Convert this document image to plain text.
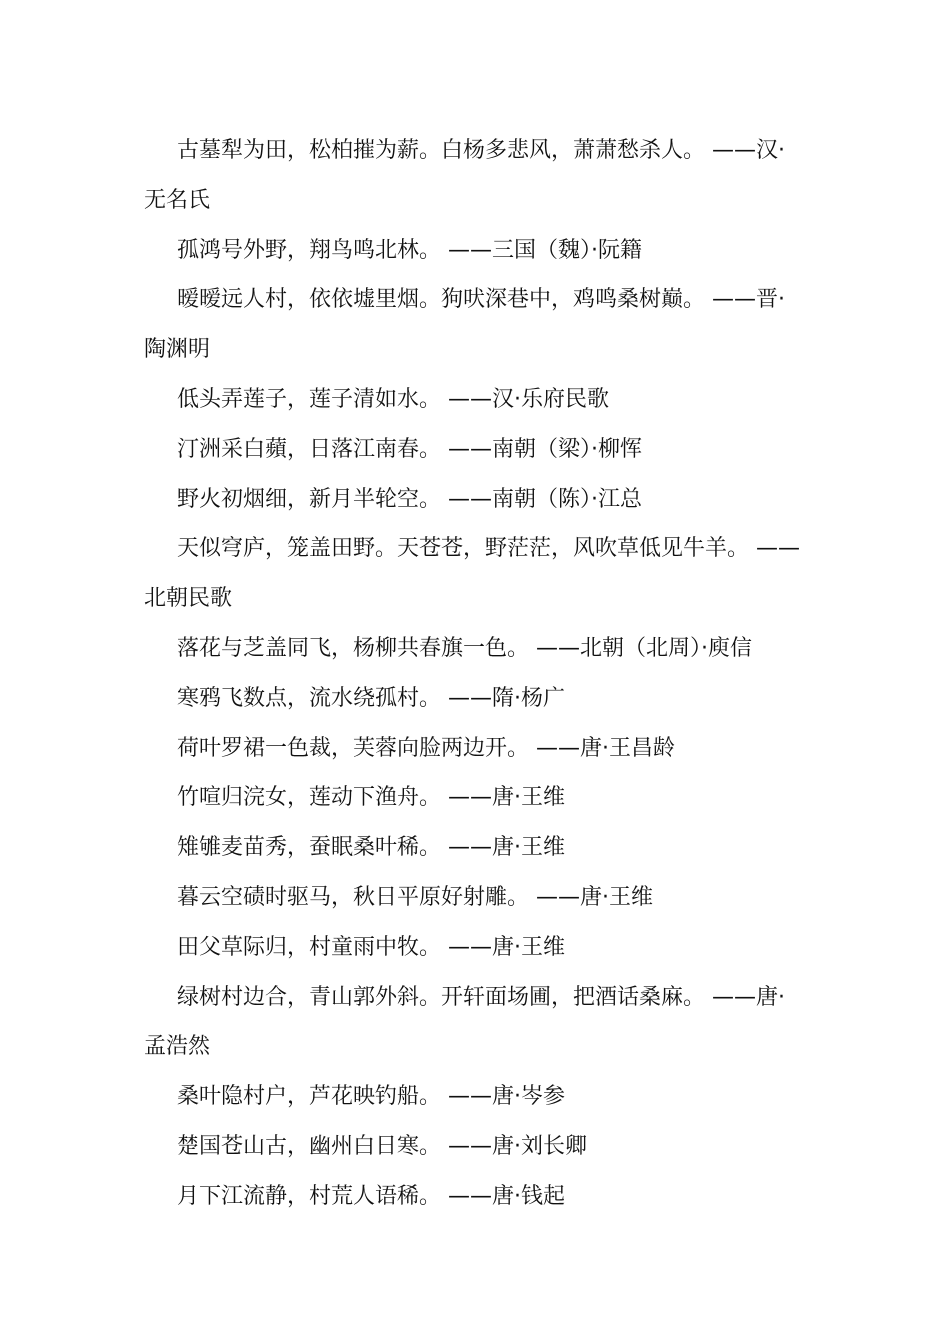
古墓犁为田，松柏摧为薪。白杨多悲风，萧萧愁杀人。 ——汉·无名氏

孤鸿号外野，翔鸟鸣北林。 ——三国（魏）·阮籍

暧暧远人村，依依墟里烟。狗吠深巷中，鸡鸣桑树巅。 ——晋·陶渊明

低头弄莲子，莲子清如水。 ——汉·乐府民歌

汀洲采白蘋，日落江南春。 ——南朝（梁）·柳恽

野火初烟细，新月半轮空。 ——南朝（陈）·江总

天似穹庐，笼盖田野。天苍苍，野茫茫，风吹草低见牛羊。 ——北朝民歌

落花与芝盖同飞，杨柳共春旗一色。 ——北朝（北周）·庾信

寒鸦飞数点，流水绕孤村。 ——隋·杨广

荷叶罗裙一色裁，芙蓉向脸两边开。 ——唐·王昌龄

竹喧归浣女，莲动下渔舟。 ——唐·王维

雉雊麦苗秀，蚕眠桑叶稀。 ——唐·王维

暮云空碛时驱马，秋日平原好射雕。 ——唐·王维

田父草际归，村童雨中牧。 ——唐·王维

绿树村边合，青山郭外斜。开轩面场圃，把酒话桑麻。 ——唐·孟浩然

桑叶隐村户，芦花映钓船。 ——唐·岑参

楚国苍山古，幽州白日寒。 ——唐·刘长卿

月下江流静，村荒人语稀。 ——唐·钱起
